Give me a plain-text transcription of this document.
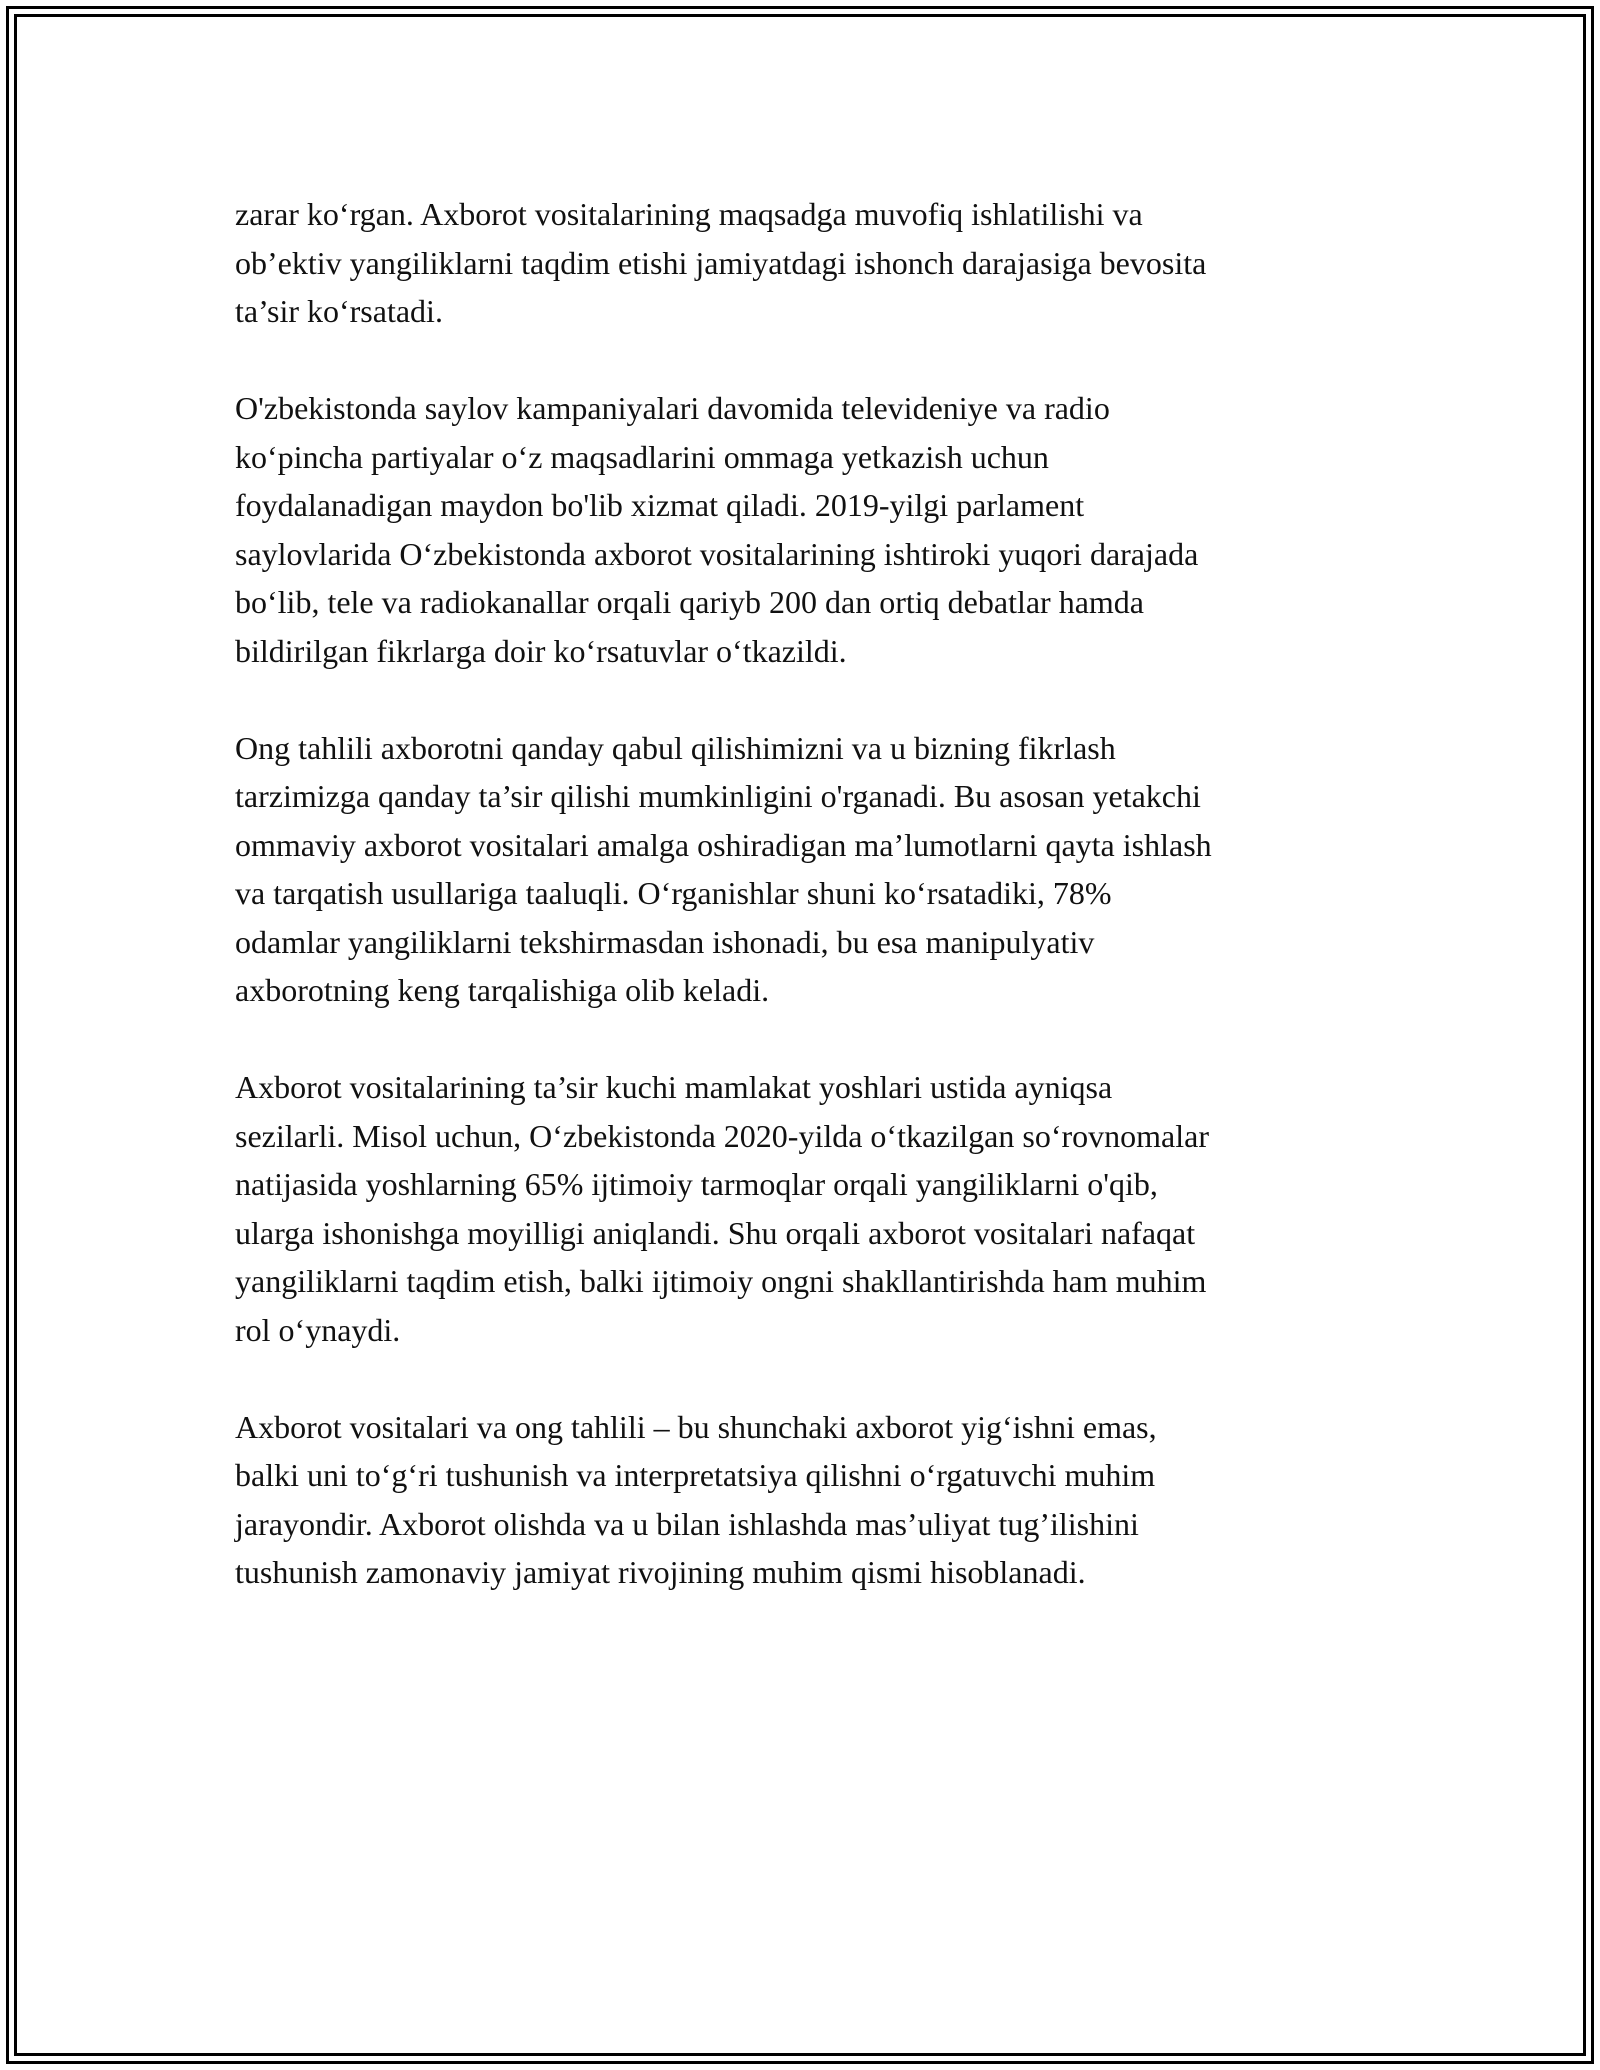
zarar ko‘rgan. Axborot vositalarining maqsadga muvofiq ishlatilishi va
ob’ektiv yangiliklarni taqdim etishi jamiyatdagi ishonch darajasiga bevosita
ta’sir ko‘rsatadi.

O'zbekistonda saylov kampaniyalari davomida televideniye va radio
ko‘pincha partiyalar o‘z maqsadlarini ommaga yetkazish uchun
foydalanadigan maydon bo'lib xizmat qiladi. 2019-yilgi parlament
saylovlarida O‘zbekistonda axborot vositalarining ishtiroki yuqori darajada
bo‘lib, tele va radiokanallar orqali qariyb 200 dan ortiq debatlar hamda
bildirilgan fikrlarga doir ko‘rsatuvlar o‘tkazildi.

Ong tahlili axborotni qanday qabul qilishimizni va u bizning fikrlash
tarzimizga qanday ta’sir qilishi mumkinligini o'rganadi. Bu asosan yetakchi
ommaviy axborot vositalari amalga oshiradigan ma’lumotlarni qayta ishlash
va tarqatish usullariga taaluqli. O‘rganishlar shuni ko‘rsatadiki, 78%
odamlar yangiliklarni tekshirmasdan ishonadi, bu esa manipulyativ
axborotning keng tarqalishiga olib keladi.

Axborot vositalarining ta’sir kuchi mamlakat yoshlari ustida ayniqsa
sezilarli. Misol uchun, O‘zbekistonda 2020-yilda o‘tkazilgan so‘rovnomalar
natijasida yoshlarning 65% ijtimoiy tarmoqlar orqali yangiliklarni o'qib,
ularga ishonishga moyilligi aniqlandi. Shu orqali axborot vositalari nafaqat
yangiliklarni taqdim etish, balki ijtimoiy ongni shakllantirishda ham muhim
rol o‘ynaydi.

Axborot vositalari va ong tahlili – bu shunchaki axborot yig‘ishni emas,
balki uni to‘g‘ri tushunish va interpretatsiya qilishni o‘rgatuvchi muhim
jarayondir. Axborot olishda va u bilan ishlashda mas’uliyat tug’ilishini
tushunish zamonaviy jamiyat rivojining muhim qismi hisoblanadi.
